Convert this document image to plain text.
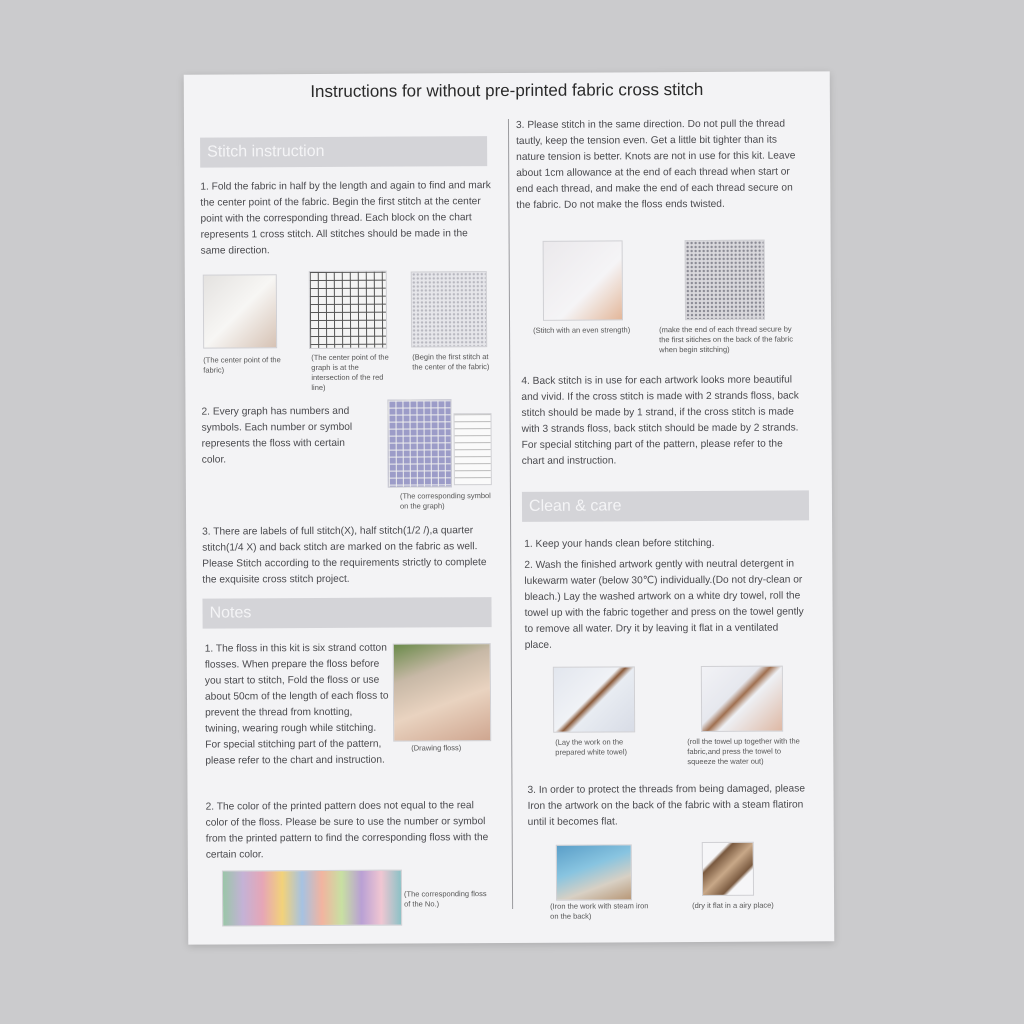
Instructions for without pre-printed fabric cross stitch
Stitch instruction

1. Fold the fabric in half by the length and again to find and mark the center point of the fabric. Begin the first stitch at the center point with the corresponding thread. Each block on the chart represents 1 cross stitch. All stitches should be made in the same direction.

(The center point of the fabric)

(The center point of the graph is at the intersection of the red line)

(Begin the first stitch at the center of the fabric)

2. Every graph has numbers and symbols. Each number or symbol represents the floss with certain color.

(The corresponding symbol on the graph)

3. There are labels of full stitch(X), half stitch(1/2 /),a quarter stitch(1/4 X) and back stitch are marked on the fabric as well. Please Stitch according to the requirements strictly to complete the exquisite cross stitch project.

Notes

1. The floss in this kit is six strand cotton flosses. When prepare the floss before you start to stitch, Fold the floss or use about 50cm of the length of each floss to prevent the thread from knotting, twining, wearing rough while stitching. For special stitching part of the pattern, please refer to the chart and instruction.

(Drawing floss)

2. The color of the printed pattern does not equal to the real color of the floss. Please be sure to use the number or symbol from the printed pattern to find the corresponding floss with the certain color.

(The corresponding floss of the No.)

3. Please stitch in the same direction. Do not pull the thread tautly, keep the tension even. Get a little bit tighter than its nature tension is better. Knots are not in use for this kit. Leave about 1cm allowance at the end of each thread when start or end each thread, and make the end of each thread secure on the fabric. Do not make the floss ends twisted.

(Stitch with an even strength)	(make the end of each thread secure by the first sitiches on the back of the fabric when begin stitching)

4. Back stitch is in use for each artwork looks more beautiful and vivid. If the cross stitch is made with 2 strands floss, back stitch should be made by 1 strand, if the cross stitch is made with 3 strands floss, back stitch should be made by 2 strands. For special stitching part of the pattern, please refer to the chart and instruction.

Clean & care

1. Keep your hands clean before stitching.

2. Wash the finished artwork gently with neutral detergent in lukewarm water (below 30℃) individually.(Do not dry-clean or bleach.) Lay the washed artwork on a white dry towel, roll the towel up with the fabric together and press on the towel gently to remove all water. Dry it by leaving it flat in a ventilated place.

(Lay the work on the prepared white towel)

(roll the towel up together with the fabric,and press the towel to squeeze the water out)

3. In order to protect the threads from being damaged, please Iron the artwork on the back of the fabric with a steam flatiron until it becomes flat.

(Iron the work with steam iron on the back)

(dry it flat in a airy place)
